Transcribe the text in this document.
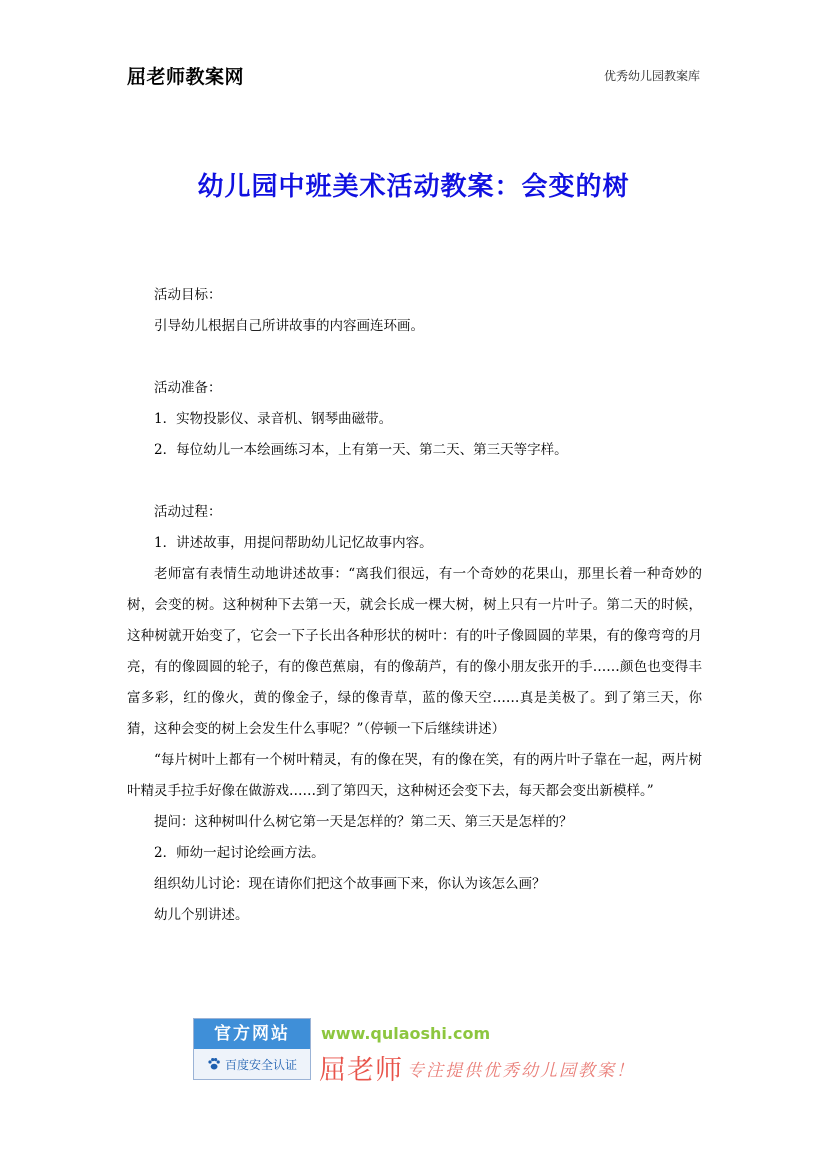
屈老师教案网	优秀幼儿园教案库
幼儿园中班美术活动教案：会变的树

活动目标：

引导幼儿根据自己所讲故事的内容画连环画。

活动准备：

1．实物投影仪、录音机、钢琴曲磁带。

2．每位幼儿一本绘画练习本，上有第一天、第二天、第三天等字样。

活动过程：

1．讲述故事，用提问帮助幼儿记忆故事内容。

老师富有表情生动地讲述故事：“离我们很远，有一个奇妙的花果山，那里长着一种奇妙的树，会变的树。这种树种下去第一天，就会长成一棵大树，树上只有一片叶子。第二天的时候，这种树就开始变了，它会一下子长出各种形状的树叶：有的叶子像圆圆的苹果，有的像弯弯的月亮，有的像圆圆的轮子，有的像芭蕉扇，有的像葫芦，有的像小朋友张开的手……颜色也变得丰富多彩，红的像火，黄的像金子，绿的像青草，蓝的像天空……真是美极了。到了第三天，你猜，这种会变的树上会发生什么事呢？”（停顿一下后继续讲述）

“每片树叶上都有一个树叶精灵，有的像在哭，有的像在笑，有的两片叶子靠在一起，两片树叶精灵手拉手好像在做游戏……到了第四天，这种树还会变下去，每天都会变出新模样。”

提问：这种树叫什么树它第一天是怎样的？第二天、第三天是怎样的？

2．师幼一起讨论绘画方法。

组织幼儿讨论：现在请你们把这个故事画下来，你认为该怎么画？

幼儿个别讲述。

官方网站
百度安全认证
www.qulaoshi.com
屈老师 专注提供优秀幼儿园教案！
